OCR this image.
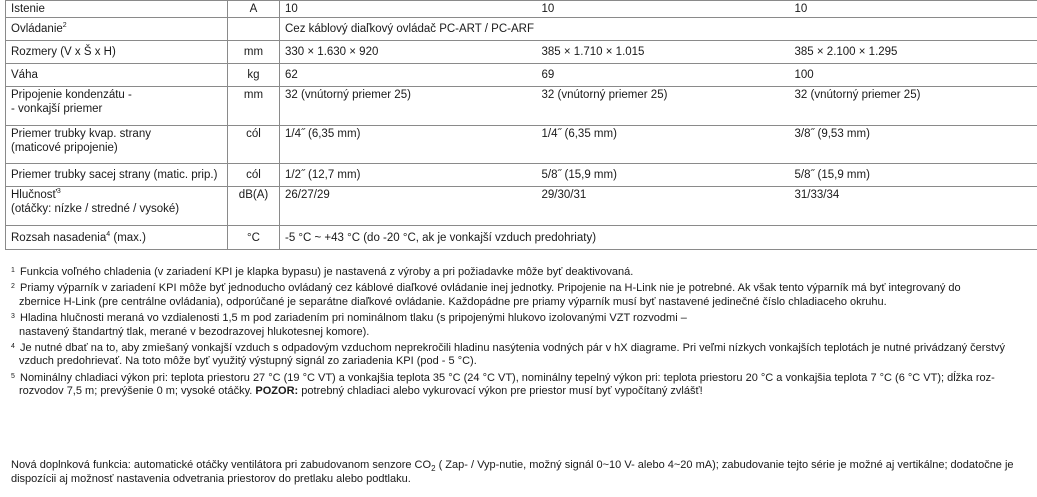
Istenie	A	10	10	10
Ovládanie$^2$		Cez káblový diaľkový ovládač PC-ART / PC-ARF		
Rozmery (V x Š x H)	mm	330 × 1.630 × 920	385 × 1.710 × 1.015	385 × 2.100 × 1.295
Váha	kg	62	69	100

Pripojenie kondenzátu -
- vonkajší priemer	mm	32 (vnútorný priemer 25)	32 (vnútorný priemer 25)	32 (vnútorný priemer 25)

Priemer trubky kvap. strany
(maticové pripojenie)	cól	1/4˝ (6,35 mm)	1/4˝ (6,35 mm)	3/8˝ (9,53 mm)
Priemer trubky sacej strany (matic. prip.)	cól	1/2˝ (12,7 mm)	5/8˝ (15,9 mm)	5/8˝ (15,9 mm)

Hlučnosť$^3$
(otáčky: nízke / stredné / vysoké)	dB(A)	26/27/29	29/30/31	31/33/34
Rozsah nasadenia$^4$ (max.)	°C	-5 °C ~ +43 °C (do -20 °C, ak je vonkajší vzduch predohriaty)		
1 Funkcia voľného chladenia (v zariadení KPI je klapka bypasu) je nastavená z výroby a pri požiadavke môže byť deaktivovaná.
2 Priamy výparník v zariadení KPI môže byť jednoducho ovládaný cez káblové diaľkové ovládanie inej jednotky. Pripojenie na H-Link nie je potrebné. Ak však tento výparník má byť integrovaný do
zbernice H-Link (pre centrálne ovládania), odporúčané je separátne diaľkové ovládanie. Každopádne pre priamy výparník musí byť nastavené jedinečné číslo chladiaceho okruhu.
3 Hladina hlučnosti meraná vo vzdialenosti 1,5 m pod zariadením pri nominálnom tlaku (s pripojenými hlukovo izolovanými VZT rozvodmi –
nastavený štandartný tlak, merané v bezodrazovej hlukotesnej komore).
4 Je nutné dbať na to, aby zmiešaný vonkajší vzduch s odpadovým vzduchom neprekročili hladinu nasýtenia vodných pár v hX diagrame. Pri veľmi nízkych vonkajších teplotách je nutné privádzaný čerstvý
vzduch predohrievať. Na toto môže byť využitý výstupný signál zo zariadenia KPI (pod - 5 °C).
5 Nominálny chladiaci výkon pri: teplota priestoru 27 °C (19 °C VT) a vonkajšia teplota 35 °C (24 °C VT), nominálny tepelný výkon pri: teplota priestoru 20 °C a vonkajšia teplota 7 °C (6 °C VT); dĺžka roz-
rozvodov 7,5 m; prevýšenie 0 m; vysoké otáčky. POZOR: potrebný chladiaci alebo vykurovací výkon pre priestor musí byť vypočítaný zvlášť!
Nová doplnková funkcia: automatické otáčky ventilátora pri zabudovanom senzore $CO_2$ ( Zap- / Vyp-nutie, možný signál 0~10 V- alebo 4~20 mA); zabudovanie tejto série je možné aj vertikálne; dodatočne je
dispozícii aj možnosť nastavenia odvetrania priestorov do pretlaku alebo podtlaku.
